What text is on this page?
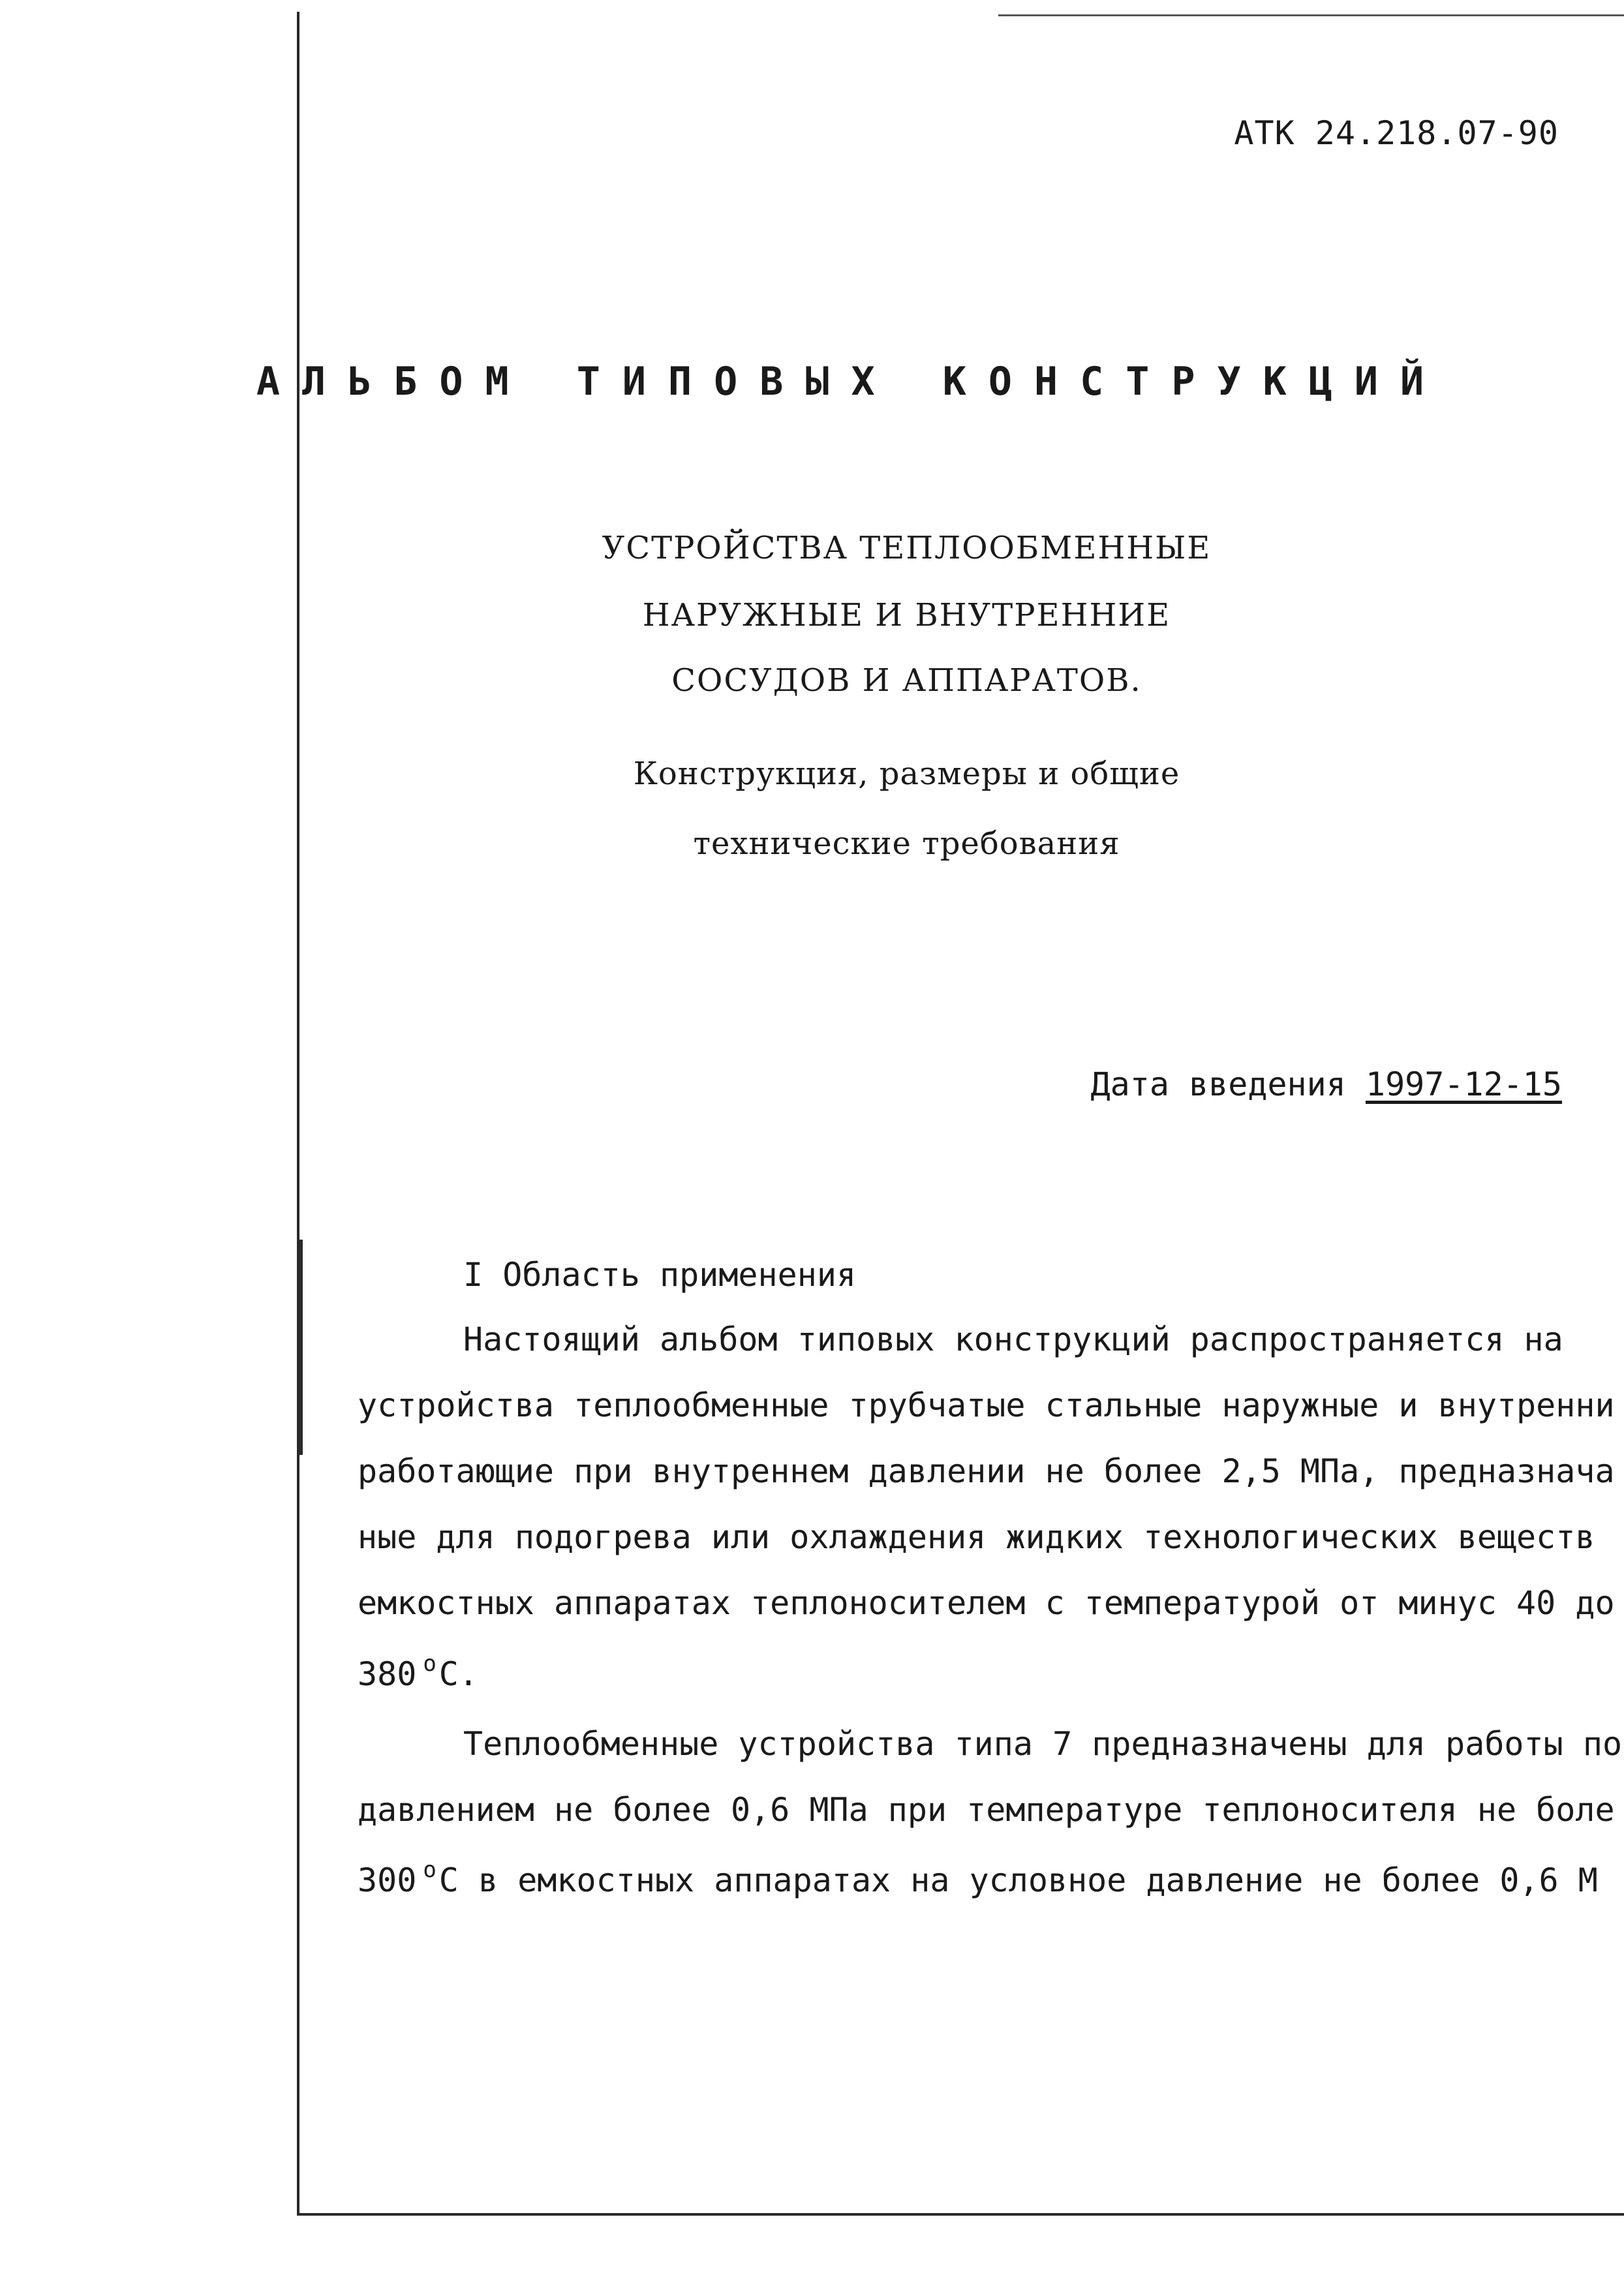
АТК 24.218.07-90
АЛЬБОМ ТИПОВЫХ КОНСТРУКЦИЙ
УСТРОЙСТВА ТЕПЛООБМЕННЫЕ
НАРУЖНЫЕ И ВНУТРЕННИЕ
СОСУДОВ И АППАРАТОВ.
Конструкция, размеры и общие
технические требования
Дата введения 1997-12-15
I Область применения
Настоящий альбом типовых конструкций распространяется на
устройства теплообменные трубчатые стальные наружные и внутренни
работающие при внутреннем давлении не более 2,5 МПа, предназнача
ные для подогрева или охлаждения жидких технологических веществ
емкостных аппаратах теплоносителем с температурой от минус 40 до
380 $^о$С.
Теплообменные устройства типа 7 предназначены для работы по
давлением не более 0,6 МПа при температуре теплоносителя не боле
300 $^о$С в емкостных аппаратах на условное давление не более 0,6 М
